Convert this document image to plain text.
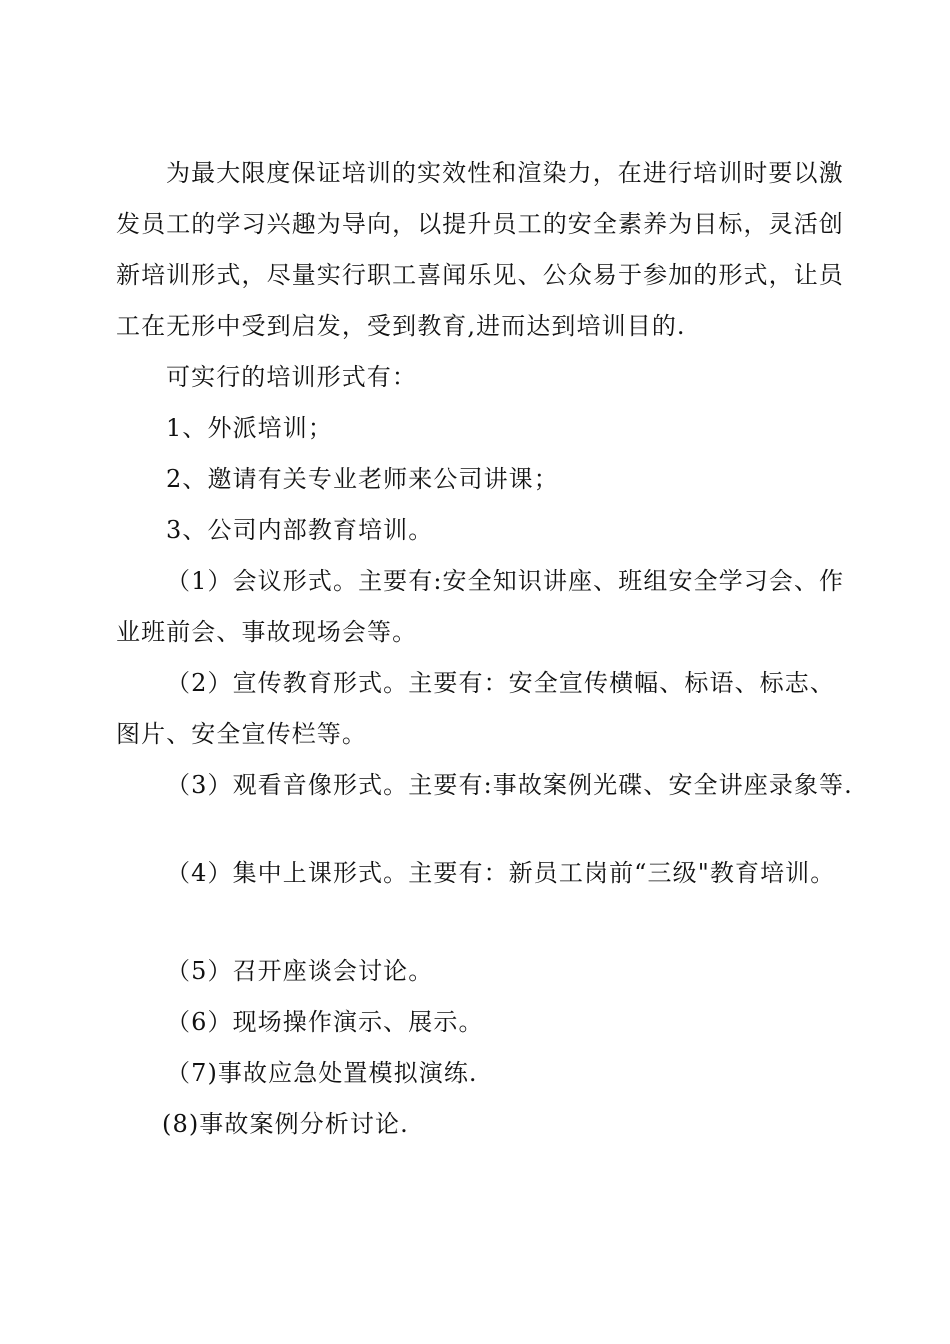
为最大限度保证培训的实效性和渲染力，在进行培训时要以激发员工的学习兴趣为导向，以提升员工的安全素养为目标，灵活创新培训形式，尽量实行职工喜闻乐见、公众易于参加的形式，让员工在无形中受到启发，受到教育,进而达到培训目的.

可实行的培训形式有：

1、外派培训；

2、邀请有关专业老师来公司讲课；

3、公司内部教育培训。

（1）会议形式。主要有:安全知识讲座、班组安全学习会、作业班前会、事故现场会等。

（2）宣传教育形式。主要有：安全宣传横幅、标语、标志、图片、安全宣传栏等。

（3）观看音像形式。主要有:事故案例光碟、安全讲座录象等.

（4）集中上课形式。主要有：新员工岗前“三级"教育培训。

（5）召开座谈会讨论。

（6）现场操作演示、展示。

（7)事故应急处置模拟演练.

(8)事故案例分析讨论.
